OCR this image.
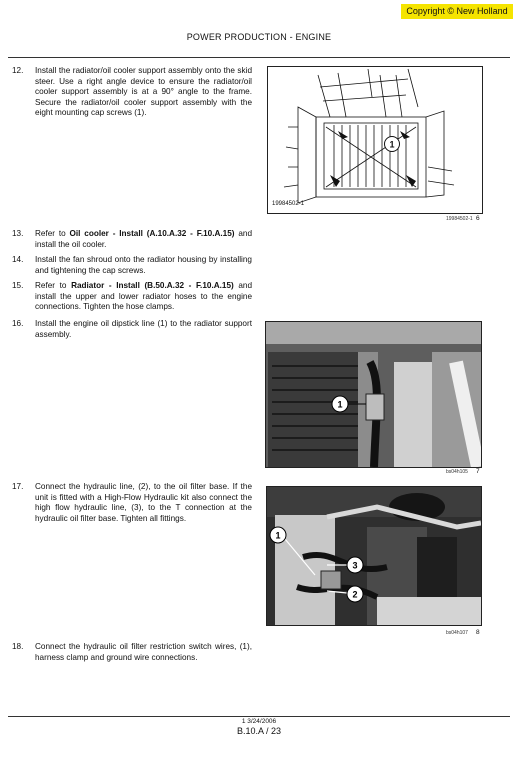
Copyright © New Holland
POWER PRODUCTION - ENGINE
12.	Install the radiator/oil cooler support assembly onto the skid steer. Use a right angle device to ensure the radiator/oil cooler support assembly is at a 90° angle to the frame. Secure the radiator/oil cooler support assembly with the eight mounting cap screws (1).
1
19984502-1
19984502-1 6
13.	Refer to Oil cooler - Install (A.10.A.32 - F.10.A.15) and install the oil cooler.
14.	Install the fan shroud onto the radiator housing by installing and tightening the cap screws.
15.	Refer to Radiator - Install (B.50.A.32 - F.10.A.15) and install the upper and lower radiator hoses to the engine connections. Tighten the hose clamps.
16.	Install the engine oil dipstick line (1) to the radiator support assembly.
1
bs04h105 7
17.	Connect the hydraulic line, (2), to the oil filter base. If the unit is fitted with a High-Flow Hydraulic kit also connect the high flow hydraulic line, (3), to the T connection at the hydraulic oil filter base. Tighten all fittings.
1
3
2
bs04h107 8
18.	Connect the hydraulic oil filter restriction switch wires, (1), harness clamp and ground wire connections.
1 3/24/2006
B.10.A / 23
